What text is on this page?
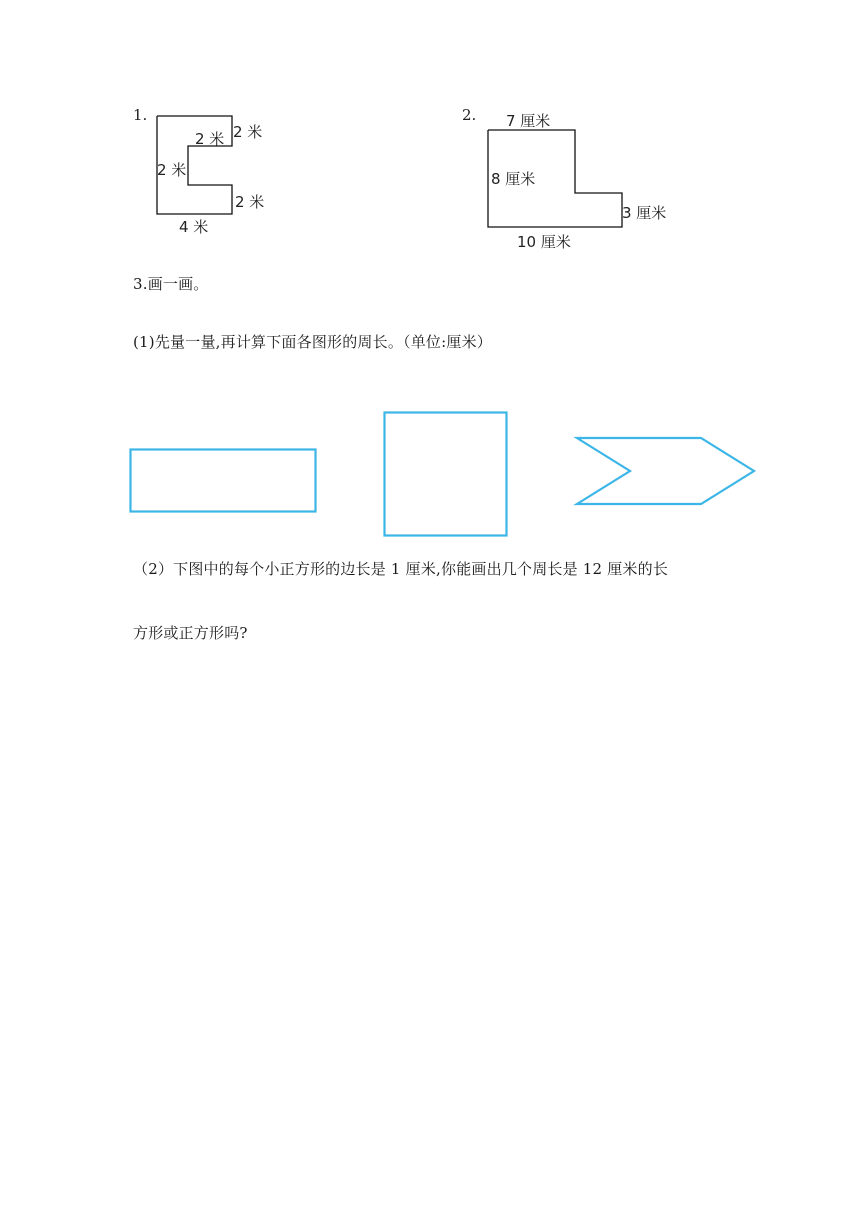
1.
2 米
2 米
2 米
2 米
4 米
2. 7 厘米
8 厘米
3 厘米
10 厘米
3.画一画。
(1)先量一量,再计算下面各图形的周长。（单位:厘米）
（2）下图中的每个小正方形的边长是 1 厘米,你能画出几个周长是 12 厘米的长
方形或正方形吗?
